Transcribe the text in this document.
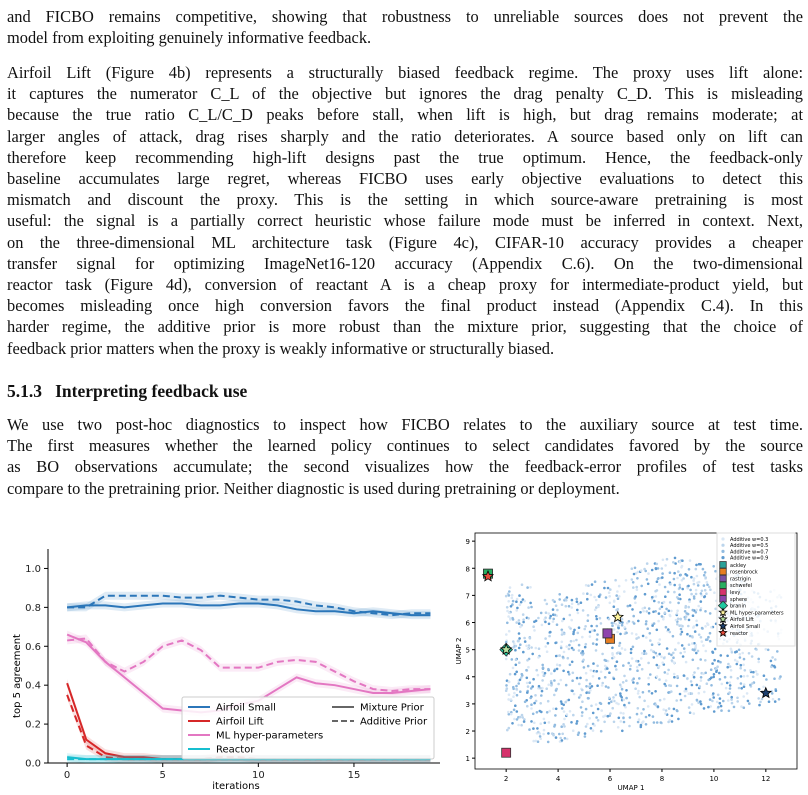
and FICBO remains competitive, showing that robustness to unreliable sources does not prevent the
model from exploiting genuinely informative feedback.
Airfoil Lift (Figure 4b) represents a structurally biased feedback regime. The proxy uses lift alone:
it captures the numerator C_L of the objective but ignores the drag penalty C_D. This is misleading
because the true ratio C_L/C_D peaks before stall, when lift is high, but drag remains moderate; at
larger angles of attack, drag rises sharply and the ratio deteriorates. A source based only on lift can
therefore keep recommending high-lift designs past the true optimum. Hence, the feedback-only
baseline accumulates large regret, whereas FICBO uses early objective evaluations to detect this
mismatch and discount the proxy. This is the setting in which source-aware pretraining is most
useful: the signal is a partially correct heuristic whose failure mode must be inferred in context. Next,
on the three-dimensional ML architecture task (Figure 4c), CIFAR-10 accuracy provides a cheaper
transfer signal for optimizing ImageNet16-120 accuracy (Appendix C.6). On the two-dimensional
reactor task (Figure 4d), conversion of reactant A is a cheap proxy for intermediate-product yield, but
becomes misleading once high conversion favors the final product instead (Appendix C.4). In this
harder regime, the additive prior is more robust than the mixture prior, suggesting that the choice of
feedback prior matters when the proxy is weakly informative or structurally biased.
5.1.3   Interpreting feedback use
We use two post-hoc diagnostics to inspect how FICBO relates to the auxiliary source at test time.
The first measures whether the learned policy continues to select candidates favored by the source
as BO observations accumulate; the second visualizes how the feedback-error profiles of test tasks
compare to the pretraining prior. Neither diagnostic is used during pretraining or deployment.
0.0
0.2
0.4
0.6
0.8
1.0
0	5	10	15
iterations
top 5 agreement	Airfoil Small
Airfoil Lift
ML hyper-parameters
Reactor
Mixture Prior
Additive Prior
1
2
3
4
5
6
7
8
9
2	4	6	8	10	12
UMAP 1
UMAP 2
Additive w=0.3
Additive w=0.5
Additive w=0.7
Additive w=0.9
ackley
rosenbrock
rastrigin
schwefel
levy
sphere
branin
ML hyper-parameters
Airfoil Lift
Airfoil Small
reactor
